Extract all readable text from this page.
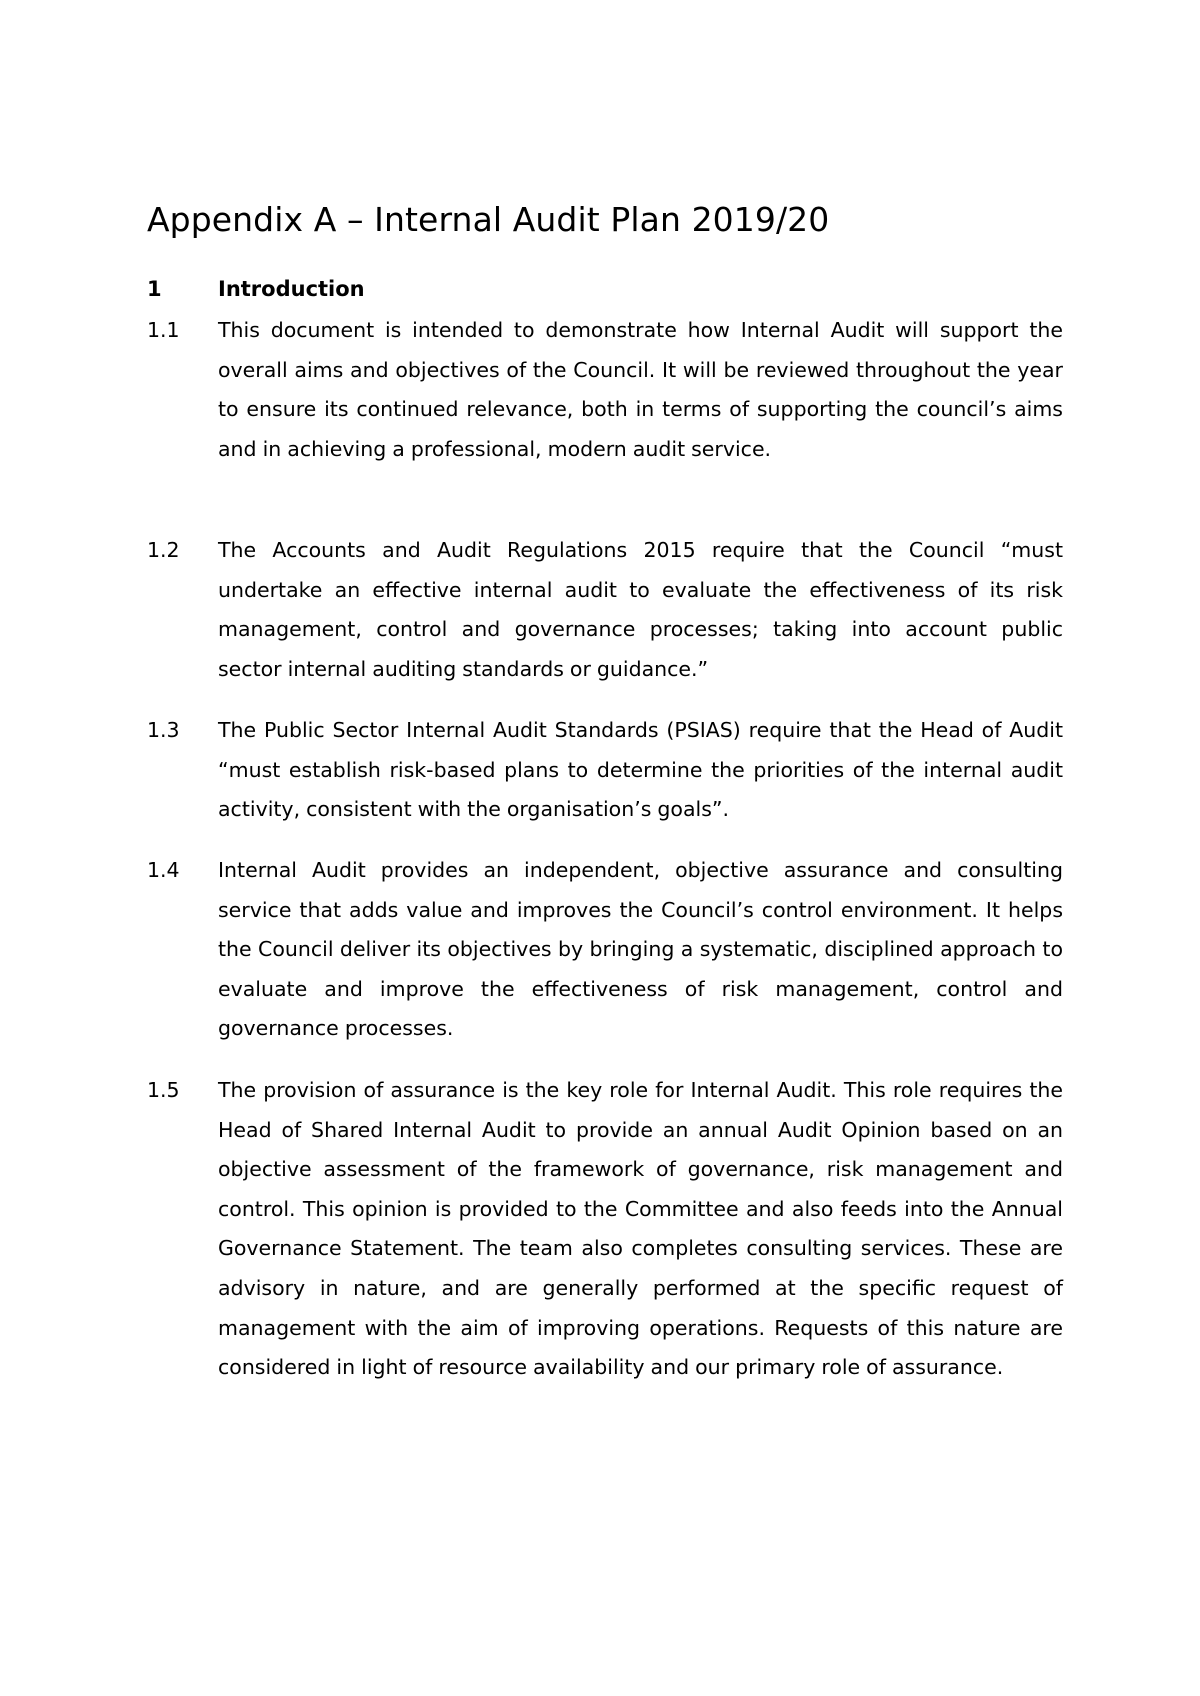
Appendix A – Internal Audit Plan 2019/20
1	Introduction
1.1	This document is intended to demonstrate how Internal Audit will support the overall aims and objectives of the Council. It will be reviewed throughout the year to ensure its continued relevance, both in terms of supporting the council’s aims and in achieving a professional, modern audit service.
1.2	The Accounts and Audit Regulations 2015 require that the Council “must undertake an effective internal audit to evaluate the effectiveness of its risk management, control and governance processes; taking into account public sector internal auditing standards or guidance.”
1.3	The Public Sector Internal Audit Standards (PSIAS) require that the Head of Audit “must establish risk-based plans to determine the priorities of the internal audit activity, consistent with the organisation’s goals”.
1.4	Internal Audit provides an independent, objective assurance and consulting service that adds value and improves the Council’s control environment. It helps the Council deliver its objectives by bringing a systematic, disciplined approach to evaluate and improve the effectiveness of risk management, control and governance processes.
1.5	The provision of assurance is the key role for Internal Audit. This role requires the Head of Shared Internal Audit to provide an annual Audit Opinion based on an objective assessment of the framework of governance, risk management and control. This opinion is provided to the Committee and also feeds into the Annual Governance Statement. The team also completes consulting services. These are advisory in nature, and are generally performed at the specific request of management with the aim of improving operations. Requests of this nature are considered in light of resource availability and our primary role of assurance.
